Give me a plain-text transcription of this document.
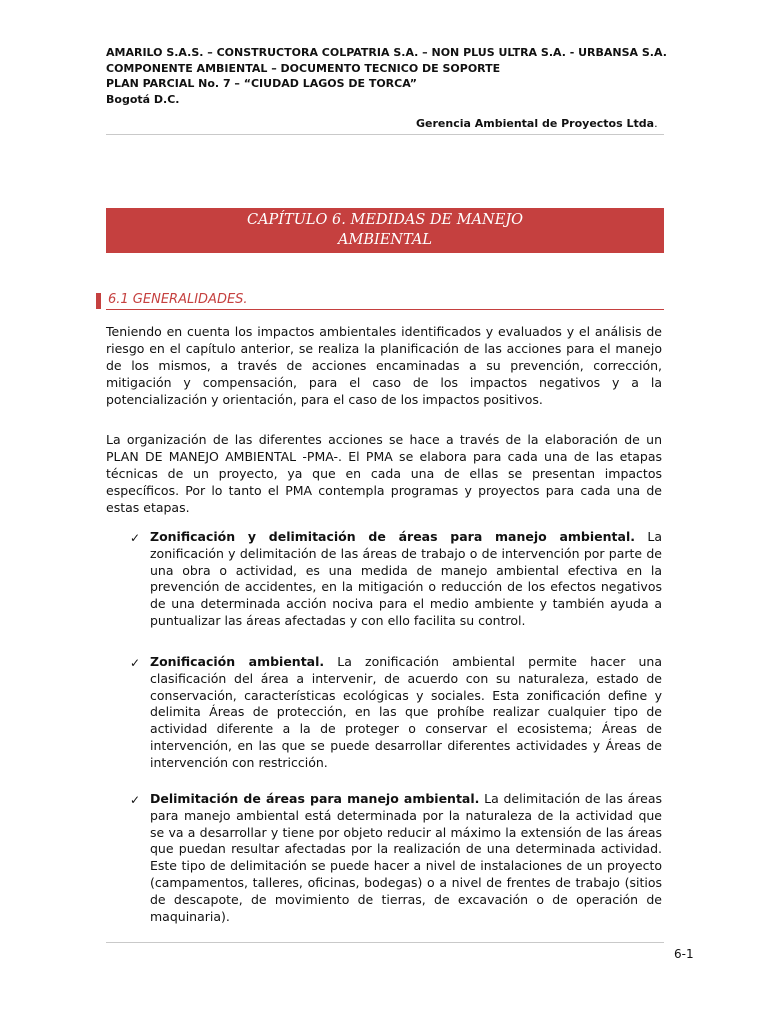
AMARILO S.A.S. – CONSTRUCTORA COLPATRIA S.A. – NON PLUS ULTRA S.A. - URBANSA S.A.
COMPONENTE AMBIENTAL – DOCUMENTO TECNICO DE SOPORTE
PLAN PARCIAL No. 7 – “CIUDAD LAGOS DE TORCA”
Bogotá D.C.
Gerencia Ambiental de Proyectos Ltda.
CAPÍTULO 6. MEDIDAS DE MANEJO
AMBIENTAL
6.1 GENERALIDADES.
Teniendo en cuenta los impactos ambientales identificados y evaluados y el análisis de riesgo en el capítulo anterior, se realiza la planificación de las acciones para el manejo de los mismos, a través de acciones encaminadas a su prevención, corrección, mitigación y compensación, para el caso de los impactos negativos y a la potencialización y orientación, para el caso de los impactos positivos.
La organización de las diferentes acciones se hace a través de la elaboración de un PLAN DE MANEJO AMBIENTAL -PMA-. El PMA se elabora para cada una de las etapas técnicas de un proyecto, ya que en cada una de ellas se presentan impactos específicos. Por lo tanto el PMA contempla programas y proyectos para cada una de estas etapas.
✓ Zonificación y delimitación de áreas para manejo ambiental. La zonificación y delimitación de las áreas de trabajo o de intervención por parte de una obra o actividad, es una medida de manejo ambiental efectiva en la prevención de accidentes, en la mitigación o reducción de los efectos negativos de una determinada acción nociva para el medio ambiente y también ayuda a puntualizar las áreas afectadas y con ello facilita su control.
✓ Zonificación ambiental. La zonificación ambiental permite hacer una clasificación del área a intervenir, de acuerdo con su naturaleza, estado de conservación, características ecológicas y sociales. Esta zonificación define y delimita Áreas de protección, en las que prohíbe realizar cualquier tipo de actividad diferente a la de proteger o conservar el ecosistema; Áreas de intervención, en las que se puede desarrollar diferentes actividades y Áreas de intervención con restricción.
✓ Delimitación de áreas para manejo ambiental. La delimitación de las áreas para manejo ambiental está determinada por la naturaleza de la actividad que se va a desarrollar y tiene por objeto reducir al máximo la extensión de las áreas que puedan resultar afectadas por la realización de una determinada actividad. Este tipo de delimitación se puede hacer a nivel de instalaciones de un proyecto (campamentos, talleres, oficinas, bodegas) o a nivel de frentes de trabajo (sitios de descapote, de movimiento de tierras, de excavación o de operación de maquinaria).
6-1
